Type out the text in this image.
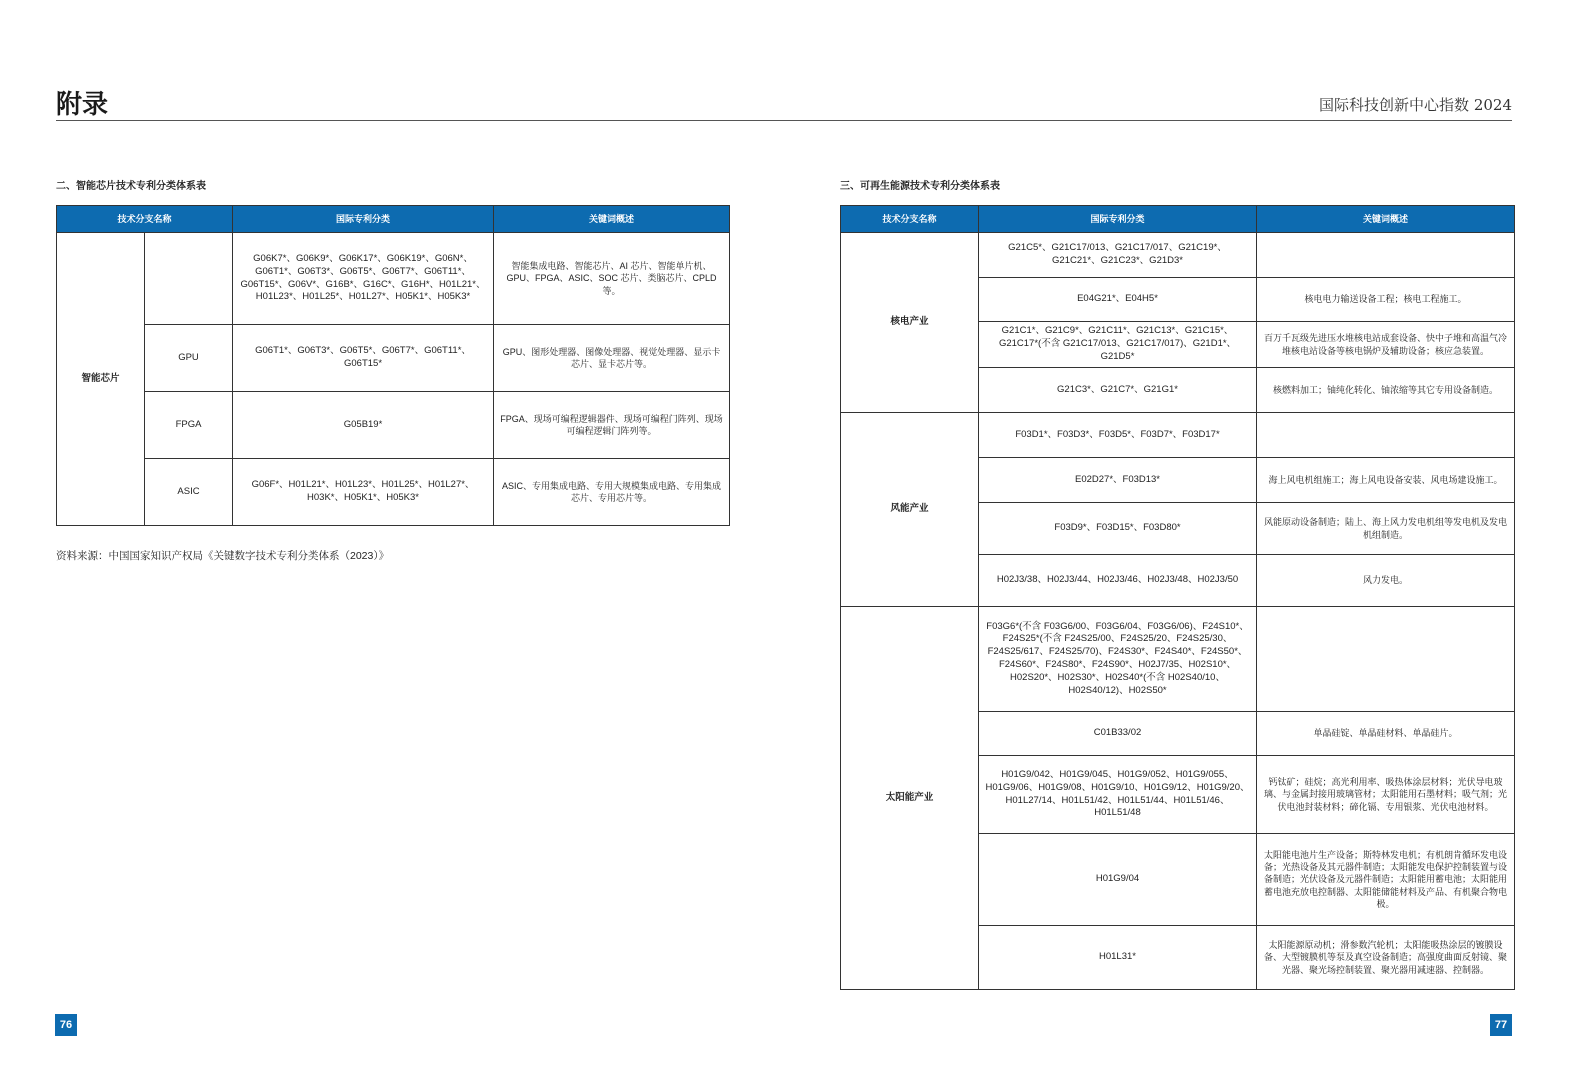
附录	国际科技创新中心指数 2024
二、智能芯片技术专利分类体系表
技术分支名称		国际专利分类	关键词概述
智能芯片		G06K7*、G06K9*、G06K17*、G06K19*、G06N*、G06T1*、G06T3*、G06T5*、G06T7*、G06T11*、G06T15*、G06V*、G16B*、G16C*、G16H*、H01L21*、H01L23*、H01L25*、H01L27*、H05K1*、H05K3*	智能集成电路、智能芯片、AI 芯片、智能单片机、GPU、FPGA、ASIC、SOC 芯片、类脑芯片、CPLD 等。
	GPU	G06T1*、G06T3*、G06T5*、G06T7*、G06T11*、G06T15*	GPU、图形处理器、图像处理器、视觉处理器、显示卡芯片、显卡芯片等。
	FPGA	G05B19*	FPGA、现场可编程逻辑器件、现场可编程门阵列、现场可编程逻辑门阵列等。
	ASIC	G06F*、H01L21*、H01L23*、H01L25*、H01L27*、H03K*、H05K1*、H05K3*	ASIC、专用集成电路、专用大规模集成电路、专用集成芯片、专用芯片等。
资料来源：中国国家知识产权局《关键数字技术专利分类体系（2023）》
三、可再生能源技术专利分类体系表
技术分支名称	国际专利分类	关键词概述
核电产业	G21C5*、G21C17/013、G21C17/017、G21C19*、G21C21*、G21C23*、G21D3*	
	E04G21*、E04H5*	核电电力输送设备工程；核电工程施工。
	G21C1*、G21C9*、G21C11*、G21C13*、G21C15*、G21C17*(不含 G21C17/013、G21C17/017)、G21D1*、G21D5*	百万千瓦级先进压水堆核电站成套设备、快中子堆和高温气冷堆核电站设备等核电锅炉及辅助设备；核应急装置。
	G21C3*、G21C7*、G21G1*	核燃料加工；铀纯化转化、铀浓缩等其它专用设备制造。
风能产业	F03D1*、F03D3*、F03D5*、F03D7*、F03D17*	
	E02D27*、F03D13*	海上风电机组施工；海上风电设备安装、风电场建设施工。
	F03D9*、F03D15*、F03D80*	风能原动设备制造；陆上、海上风力发电机组等发电机及发电机组制造。
	H02J3/38、H02J3/44、H02J3/46、H02J3/48、H02J3/50	风力发电。
太阳能产业	F03G6*(不含 F03G6/00、F03G6/04、F03G6/06)、F24S10*、F24S25*(不含 F24S25/00、F24S25/20、F24S25/30、F24S25/617、F24S25/70)、F24S30*、F24S40*、F24S50*、F24S60*、F24S80*、F24S90*、H02J7/35、H02S10*、H02S20*、H02S30*、H02S40*(不含 H02S40/10、H02S40/12)、H02S50*	
	C01B33/02	单晶硅锭、单晶硅材料、单晶硅片。
	H01G9/042、H01G9/045、H01G9/052、H01G9/055、H01G9/06、H01G9/08、H01G9/10、H01G9/12、H01G9/20、H01L27/14、H01L51/42、H01L51/44、H01L51/46、H01L51/48	钙钛矿；硅烷；高光利用率、吸热体涂层材料；光伏导电玻璃、与金属封接用玻璃管材；太阳能用石墨材料；吸气剂；光伏电池封装材料；碲化镉、专用银浆、光伏电池材料。
	H01G9/04	太阳能电池片生产设备；斯特林发电机；有机朗肯循环发电设备；光热设备及其元器件制造；太阳能发电保护控制装置与设备制造；光伏设备及元器件制造；太阳能用蓄电池；太阳能用蓄电池充放电控制器、太阳能储能材料及产品、有机聚合物电极。
	H01L31*	太阳能源原动机；滑参数汽轮机；太阳能吸热涂层的镀膜设备、大型镀膜机等泵及真空设备制造；高强度曲面反射镜、聚光器、聚光场控制装置、聚光器用减速器、控制器。
76	77
